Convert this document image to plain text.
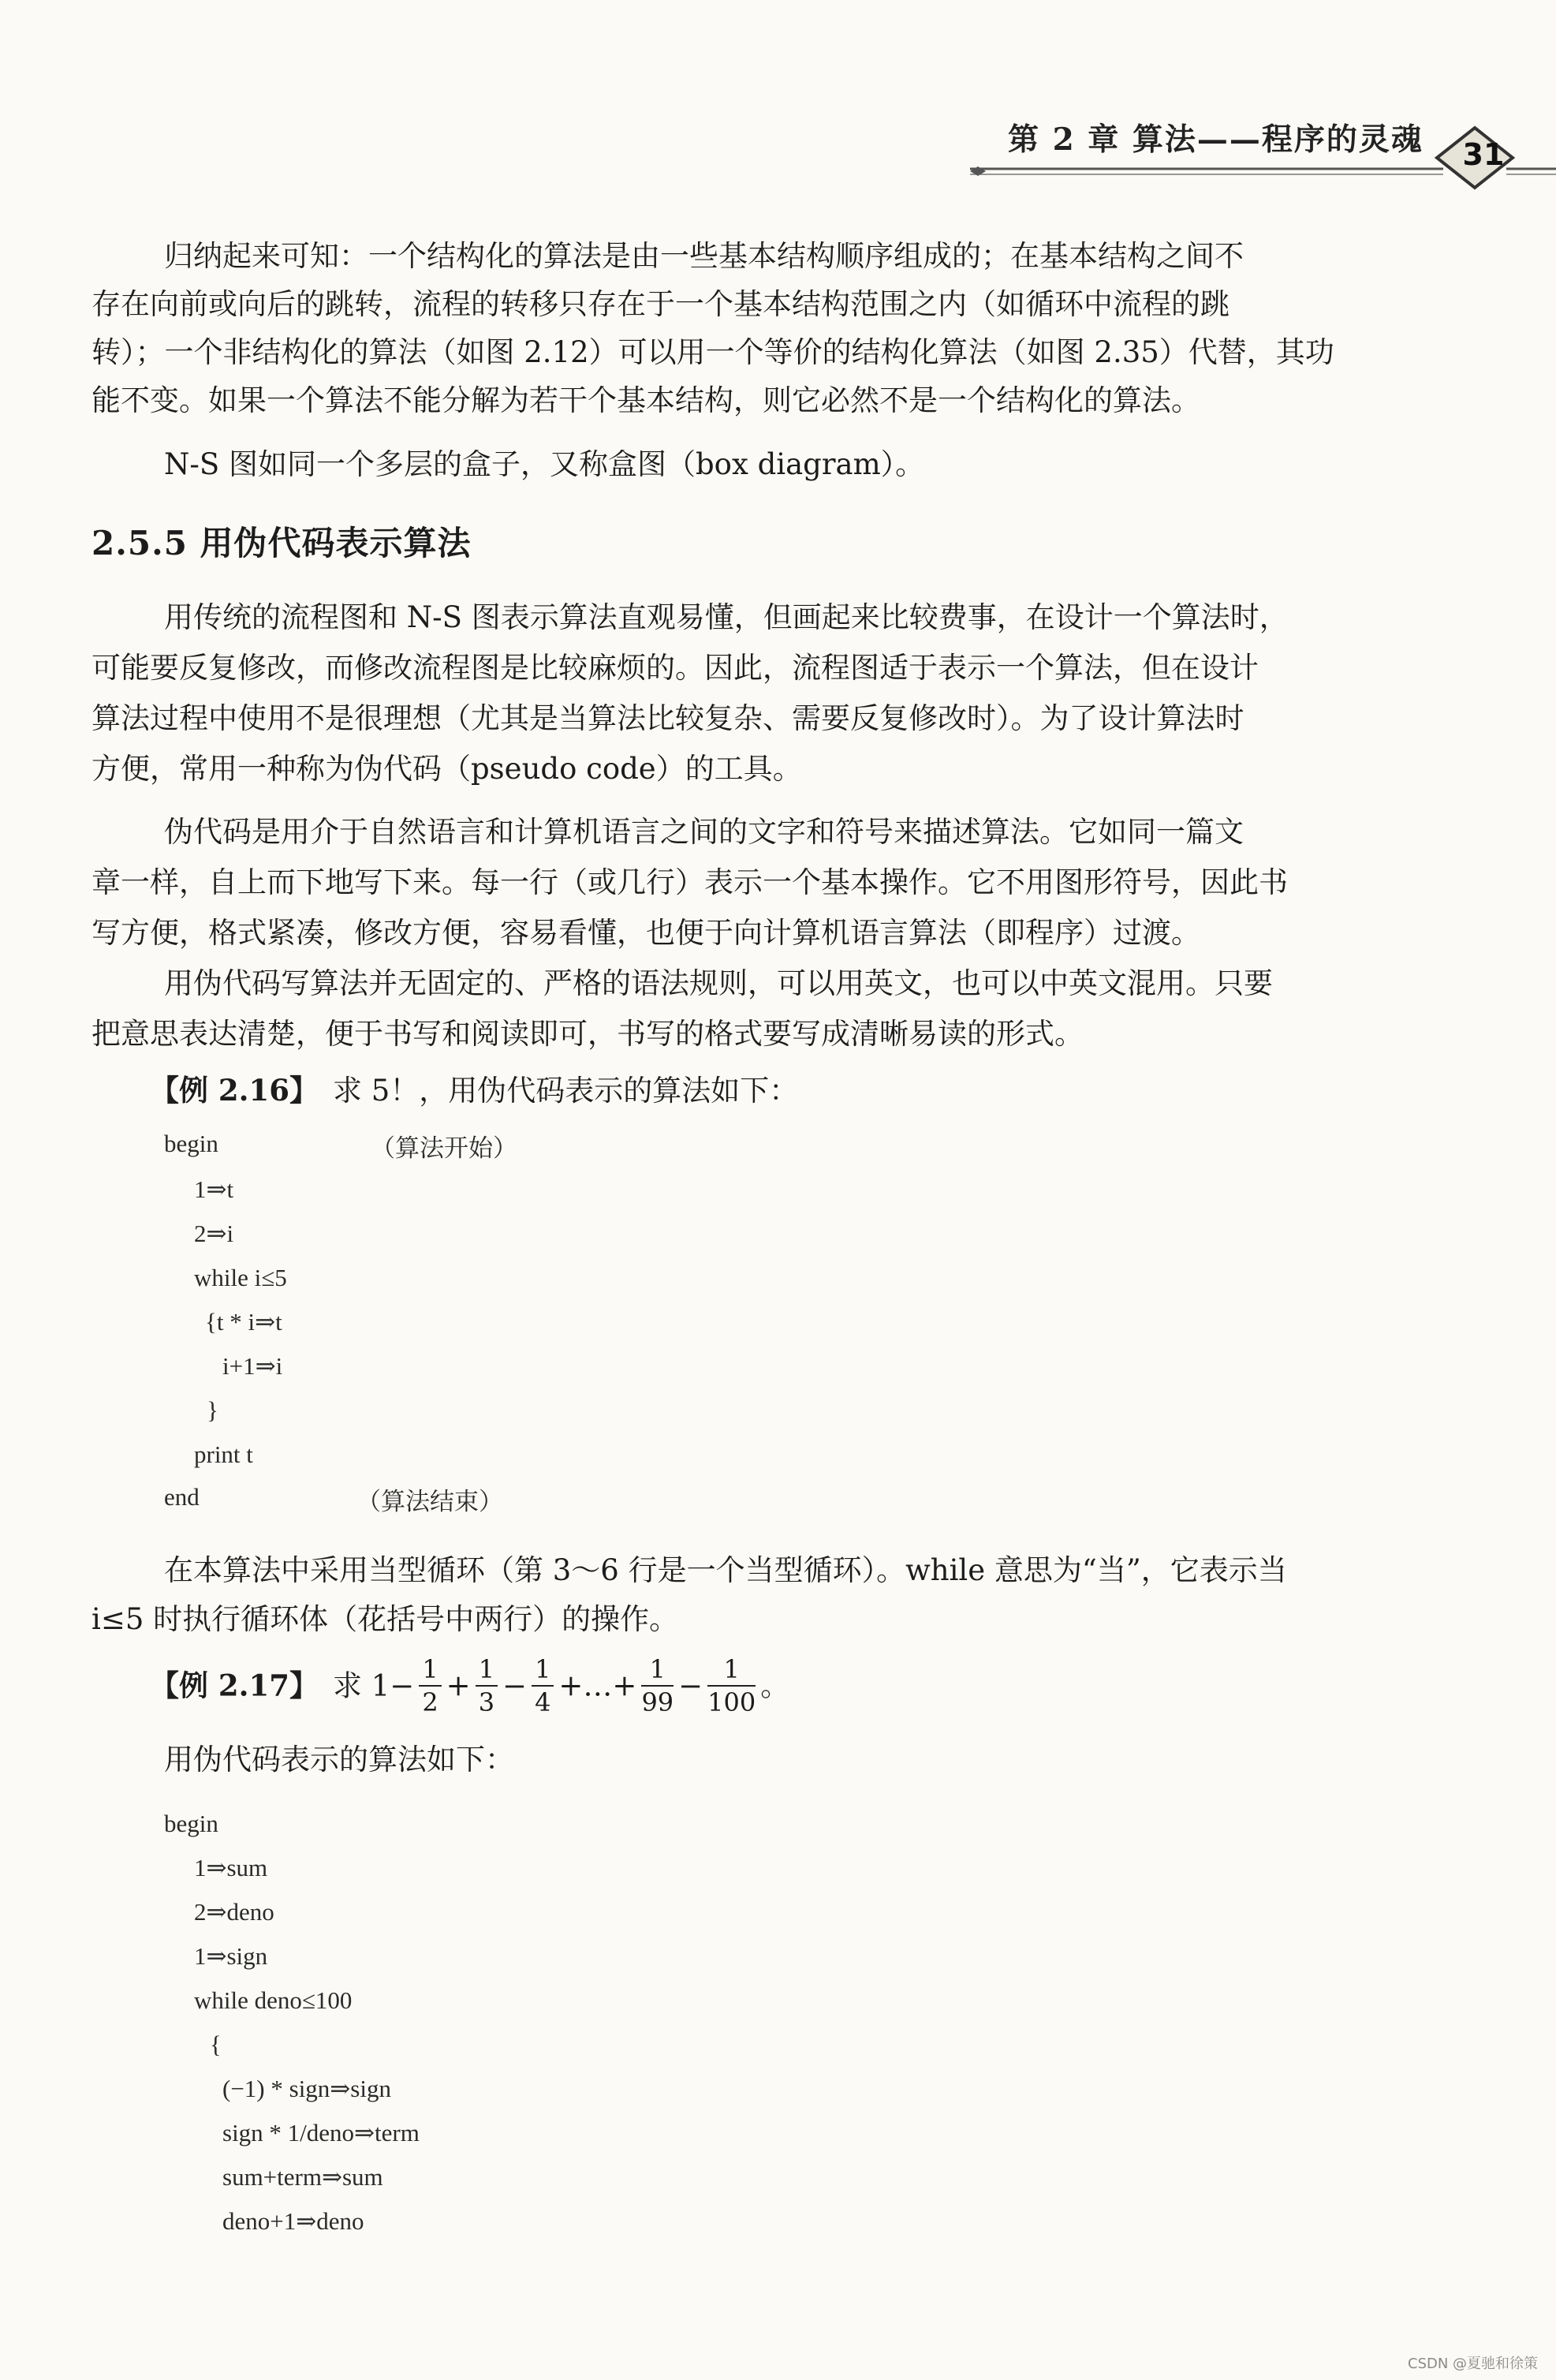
第 2 章 算法——程序的灵魂	31
归纳起来可知：一个结构化的算法是由一些基本结构顺序组成的；在基本结构之间不
存在向前或向后的跳转，流程的转移只存在于一个基本结构范围之内（如循环中流程的跳
转）；一个非结构化的算法（如图 2.12）可以用一个等价的结构化算法（如图 2.35）代替，其功
能不变。如果一个算法不能分解为若干个基本结构，则它必然不是一个结构化的算法。
N-S 图如同一个多层的盒子，又称盒图（box diagram）。
2.5.5 用伪代码表示算法
用传统的流程图和 N-S 图表示算法直观易懂，但画起来比较费事，在设计一个算法时，
可能要反复修改，而修改流程图是比较麻烦的。因此，流程图适于表示一个算法，但在设计
算法过程中使用不是很理想（尤其是当算法比较复杂、需要反复修改时）。为了设计算法时
方便，常用一种称为伪代码（pseudo code）的工具。
伪代码是用介于自然语言和计算机语言之间的文字和符号来描述算法。它如同一篇文
章一样，自上而下地写下来。每一行（或几行）表示一个基本操作。它不用图形符号，因此书
写方便，格式紧凑，修改方便，容易看懂，也便于向计算机语言算法（即程序）过渡。
用伪代码写算法并无固定的、严格的语法规则，可以用英文，也可以中英文混用。只要
把意思表达清楚，便于书写和阅读即可，书写的格式要写成清晰易读的形式。
【例 2.16】 求 5！，用伪代码表示的算法如下：
begin	（算法开始）
1⇒t
2⇒i
while i≤5
{t * i⇒t
i+1⇒i
}
print t
end	（算法结束）
在本算法中采用当型循环（第 3～6 行是一个当型循环）。while 意思为“当”，它表示当
i≤5 时执行循环体（花括号中两行）的操作。
【例 2.17】 求 $1- \frac{1}{2} + \frac{1}{3} - \frac{1}{4}$ +…+ $\frac{1}{99} - \frac{1}{100}$ 。
用伪代码表示的算法如下：
begin
1⇒sum
2⇒deno
1⇒sign
while deno≤100
{
(−1) * sign⇒sign
sign * 1/deno⇒term
sum+term⇒sum
deno+1⇒deno
CSDN @夏驰和徐策
